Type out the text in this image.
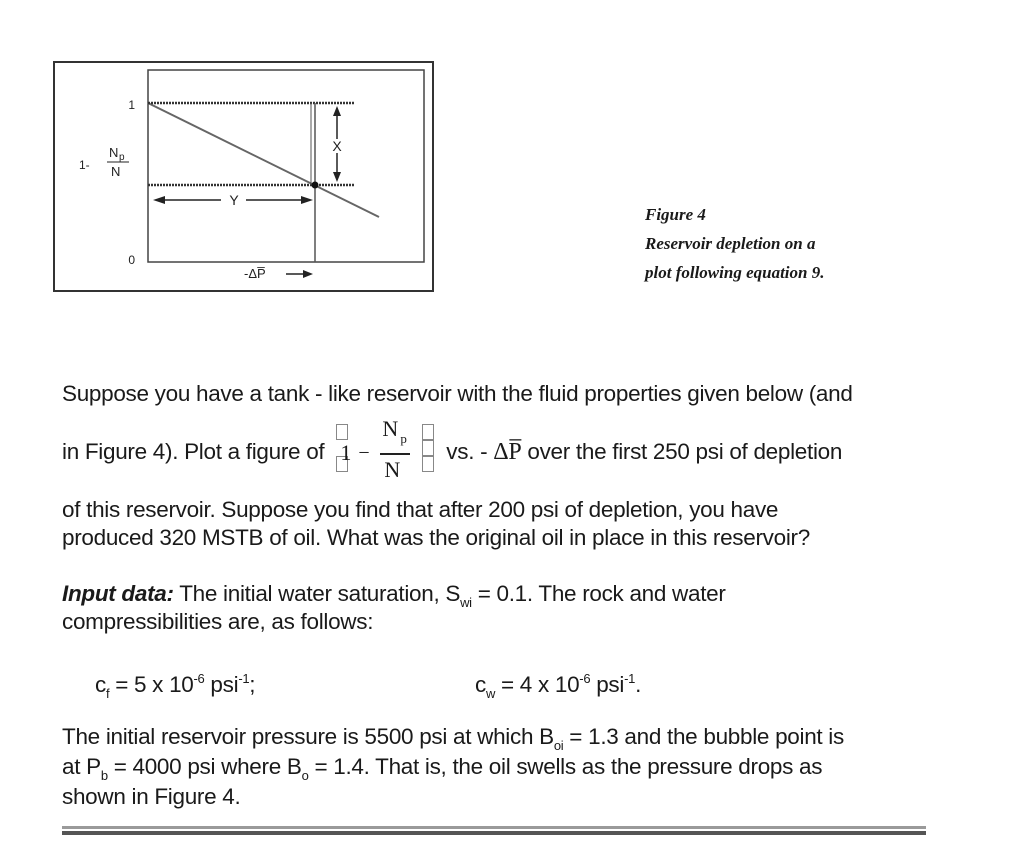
X
Y
1
0
1-
N p
N
-ΔP̅
Figure 4
Reservoir depletion on a
plot following equation 9.
Suppose you have a tank - like reservoir with the fluid properties given below (and
in Figure 4). Plot a figure of 1 −
N p
N
vs. - ΔP̅ over the first 250 psi of depletion
of this reservoir. Suppose you find that after 200 psi of depletion, you have
produced 320 MSTB of oil. What was the original oil in place in this reservoir?
Input data: The initial water saturation, $S_{wi} = 0.1$. The rock and water
compressibilities are, as follows:
$c_f = 5$ x $10^{-6}$ psi$^{-1}$;	$c_w = 4$ x $10^{-6}$ psi$^{-1}$.
The initial reservoir pressure is 5500 psi at which $B_{oi} = 1.3$ and the bubble point is
at $P_b = 4000$ psi where $B_o = 1.4$. That is, the oil swells as the pressure drops as
shown in Figure 4.
